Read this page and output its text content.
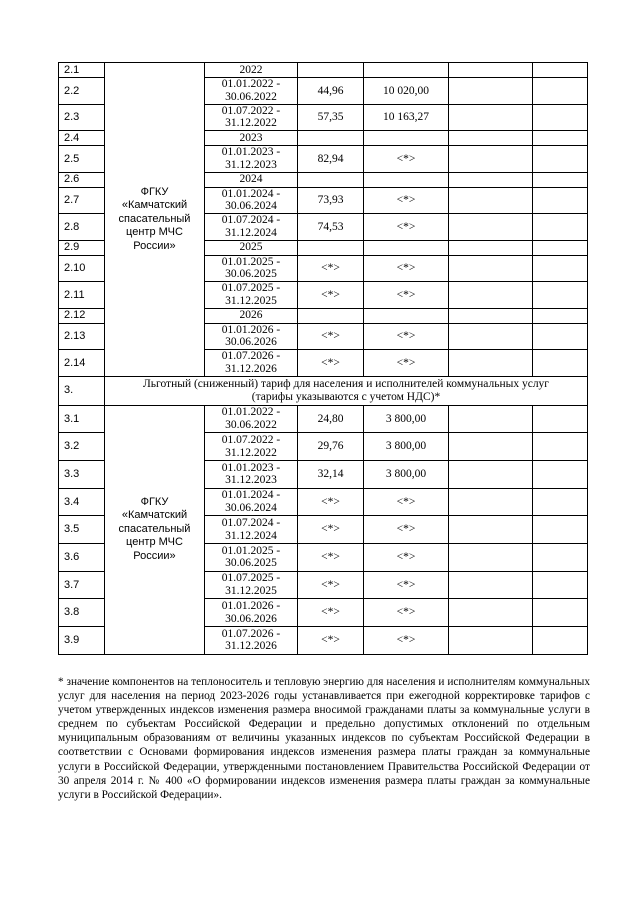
2.1	ФГКУ
«Камчатский
спасательный
центр МЧС
России»	2022				
2.2		01.01.2022 -
30.06.2022	44,96	10 020,00		
2.3		01.07.2022 -
31.12.2022	57,35	10 163,27		
2.4		2023				
2.5		01.01.2023 -
31.12.2023	82,94	<*>		
2.6		2024				
2.7		01.01.2024 -
30.06.2024	73,93	<*>		
2.8		01.07.2024 -
31.12.2024	74,53	<*>		
2.9		2025				
2.10		01.01.2025 -
30.06.2025	<*>	<*>		
2.11		01.07.2025 -
31.12.2025	<*>	<*>		
2.12		2026				
2.13		01.01.2026 -
30.06.2026	<*>	<*>		
2.14		01.07.2026 -
31.12.2026	<*>	<*>		
3.	Льготный (сниженный) тариф для населения и исполнителей коммунальных услуг
(тарифы указываются с учетом НДС)*					
3.1	ФГКУ
«Камчатский
спасательный
центр МЧС
России»	01.01.2022 -
30.06.2022	24,80	3 800,00		
3.2		01.07.2022 -
31.12.2022	29,76	3 800,00		
3.3		01.01.2023 -
31.12.2023	32,14	3 800,00		
3.4		01.01.2024 -
30.06.2024	<*>	<*>		
3.5		01.07.2024 -
31.12.2024	<*>	<*>		
3.6		01.01.2025 -
30.06.2025	<*>	<*>		
3.7		01.07.2025 -
31.12.2025	<*>	<*>		
3.8		01.01.2026 -
30.06.2026	<*>	<*>		
3.9		01.07.2026 -
31.12.2026	<*>	<*>		

* значение компонентов на теплоноситель и тепловую энергию для населения и исполнителям коммунальных услуг для населения на период 2023-2026 годы устанавливается при ежегодной корректировке тарифов с учетом утвержденных индексов изменения размера вносимой гражданами платы за коммунальные услуги в среднем по субъектам Российской Федерации и предельно допустимых отклонений по отдельным муниципальным образованиям от величины указанных индексов по субъектам Российской Федерации в соответствии с Основами формирования индексов изменения размера платы граждан за коммунальные услуги в Российской Федерации, утвержденными постановлением Правительства Российской Федерации от 30 апреля 2014 г. № 400 «О формировании индексов изменения размера платы граждан за коммунальные услуги в Российской Федерации».
